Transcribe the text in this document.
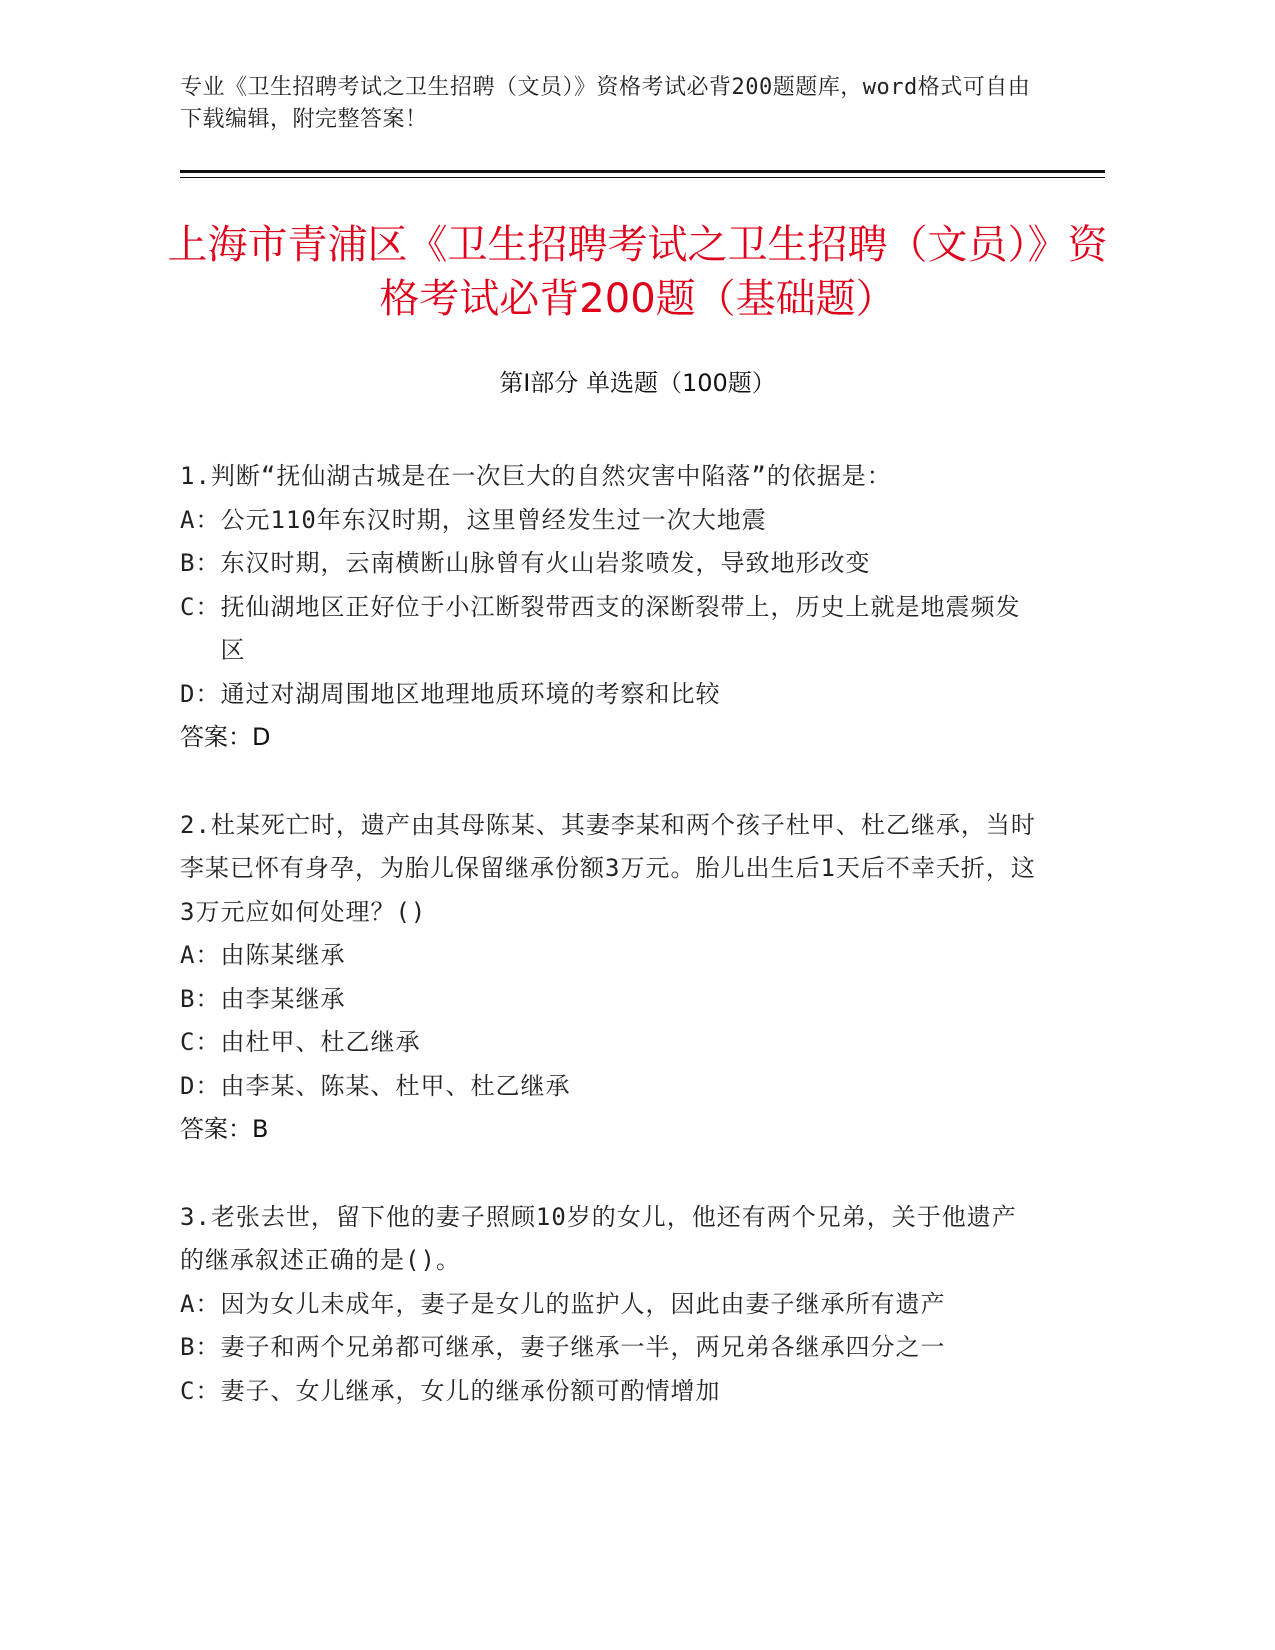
专业《卫生招聘考试之卫生招聘（文员）》资格考试必背200题题库，word格式可自由下载编辑，附完整答案！
上海市青浦区《卫生招聘考试之卫生招聘（文员）》资格考试必背200题（基础题）
第I部分 单选题（100题）
1.判断“抚仙湖古城是在一次巨大的自然灾害中陷落”的依据是：
A： 公元110年东汉时期，这里曾经发生过一次大地震
B： 东汉时期，云南横断山脉曾有火山岩浆喷发，导致地形改变
C： 抚仙湖地区正好位于小江断裂带西支的深断裂带上，历史上就是地震频发区
D： 通过对湖周围地区地理地质环境的考察和比较
答案：D
2.杜某死亡时，遗产由其母陈某、其妻李某和两个孩子杜甲、杜乙继承，当时李某已怀有身孕，为胎儿保留继承份额3万元。胎儿出生后1天后不幸夭折，这3万元应如何处理？()
A： 由陈某继承
B： 由李某继承
C： 由杜甲、杜乙继承
D： 由李某、陈某、杜甲、杜乙继承
答案：B
3.老张去世，留下他的妻子照顾10岁的女儿，他还有两个兄弟，关于他遗产的继承叙述正确的是()。
A： 因为女儿未成年，妻子是女儿的监护人，因此由妻子继承所有遗产
B： 妻子和两个兄弟都可继承，妻子继承一半，两兄弟各继承四分之一
C： 妻子、女儿继承，女儿的继承份额可酌情增加
